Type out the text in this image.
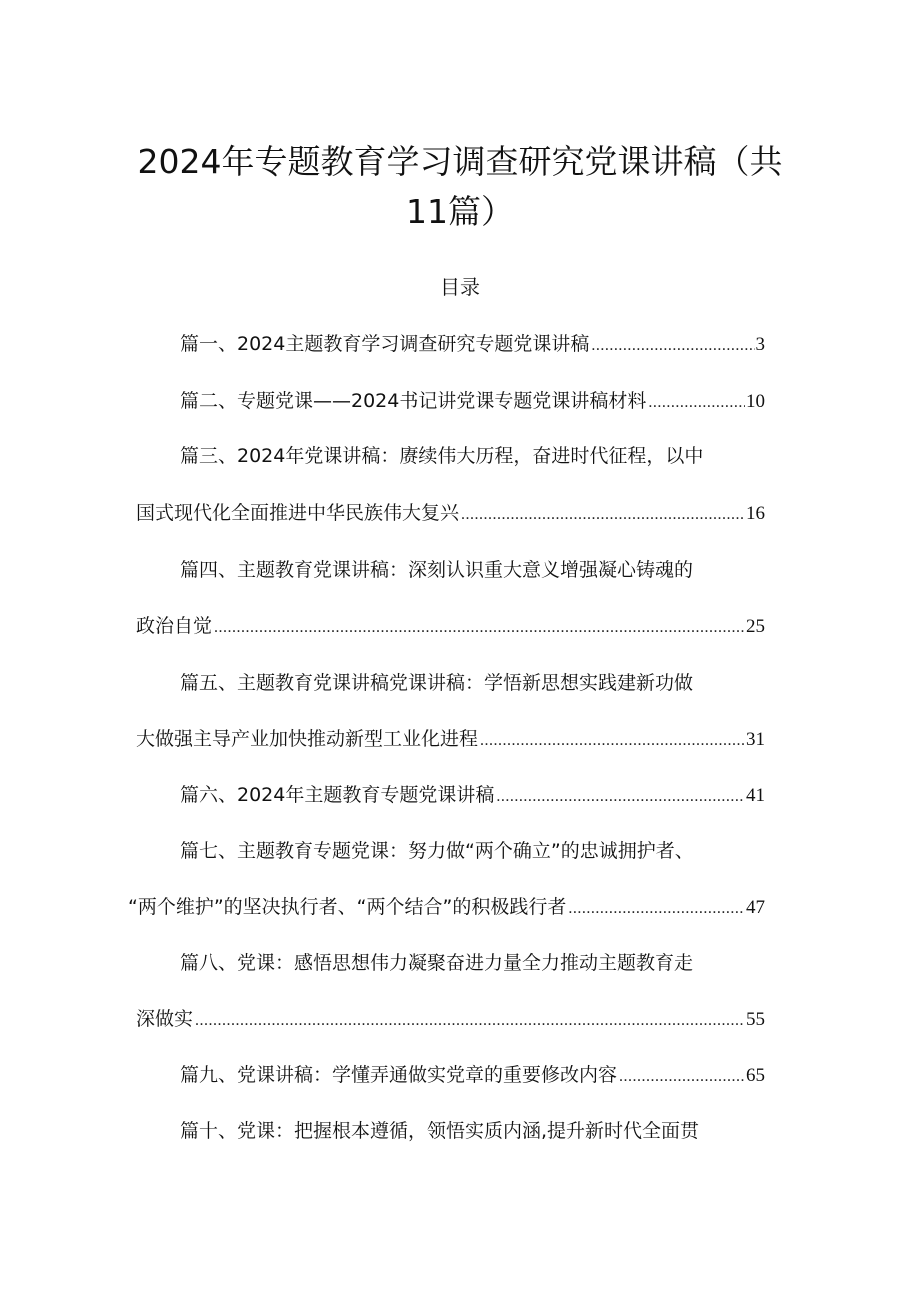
2024年专题教育学习调查研究党课讲稿（共
11篇）
目录
篇一、2024主题教育学习调查研究专题党课讲稿 .....	3
篇二、专题党课——2024书记讲党课专题党课讲稿材料 .....	10
篇三、2024年党课讲稿：赓续伟大历程，奋进时代征程，以中
国式现代化全面推进中华民族伟大复兴 .....	16
篇四、主题教育党课讲稿：深刻认识重大意义增强凝心铸魂的
政治自觉 .....	25
篇五、主题教育党课讲稿党课讲稿：学悟新思想实践建新功做
大做强主导产业加快推动新型工业化进程 .....	31
篇六、2024年主题教育专题党课讲稿 .....	41
篇七、主题教育专题党课：努力做“两个确立”的忠诚拥护者、
“两个维护”的坚决执行者、“两个结合”的积极践行者 .....	47
篇八、党课：感悟思想伟力凝聚奋进力量全力推动主题教育走
深做实 .....	55
篇九、党课讲稿：学懂弄通做实党章的重要修改内容 .....	65
篇十、党课：把握根本遵循，领悟实质内涵,提升新时代全面贯
